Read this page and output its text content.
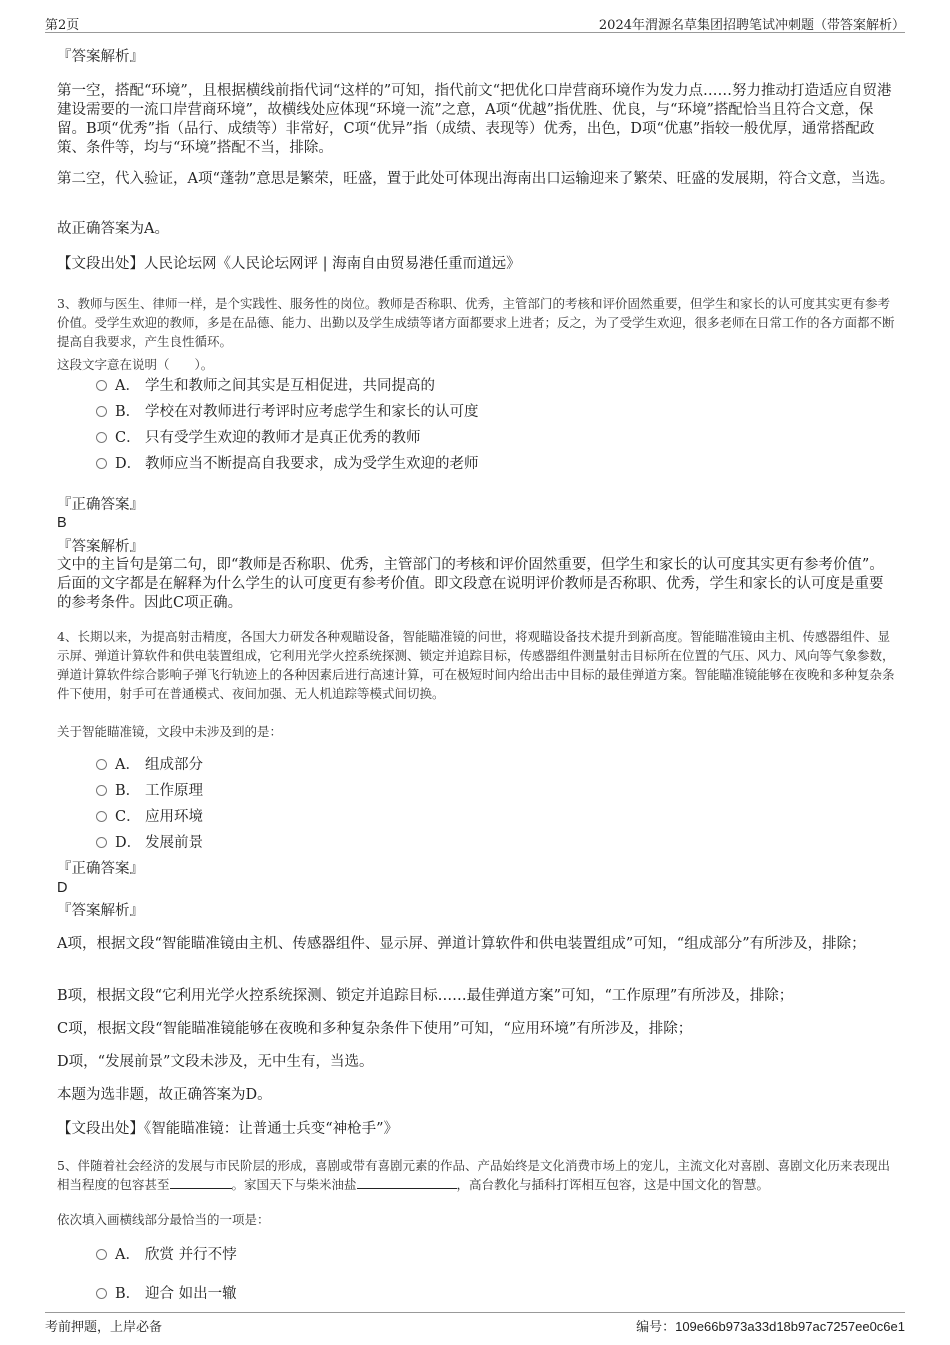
第2页	2024年渭源名草集团招聘笔试冲刺题（带答案解析）

『答案解析』

第一空，搭配“环境”，且根据横线前指代词“这样的”可知，指代前文“把优化口岸营商环境作为发力点……努力推动打造适应自贸港建设需要的一流口岸营商环境”，故横线处应体现“环境一流”之意，A项“优越”指优胜、优良，与“环境”搭配恰当且符合文意，保留。B项“优秀”指（品行、成绩等）非常好，C项“优异”指（成绩、表现等）优秀，出色，D项“优惠”指较一般优厚，通常搭配政策、条件等，均与“环境”搭配不当，排除。

第二空，代入验证，A项“蓬勃”意思是繁荣，旺盛，置于此处可体现出海南出口运输迎来了繁荣、旺盛的发展期，符合文意，当选。

故正确答案为A。

【文段出处】人民论坛网《人民论坛网评 | 海南自由贸易港任重而道远》

3、教师与医生、律师一样，是个实践性、服务性的岗位。教师是否称职、优秀，主管部门的考核和评价固然重要，但学生和家长的认可度其实更有参考价值。受学生欢迎的教师，多是在品德、能力、出勤以及学生成绩等诸方面都要求上进者；反之，为了受学生欢迎，很多老师在日常工作的各方面都不断提高自我要求，产生良性循环。

这段文字意在说明（　　）。

A． 学生和教师之间其实是互相促进，共同提高的
B． 学校在对教师进行考评时应考虑学生和家长的认可度
C． 只有受学生欢迎的教师才是真正优秀的教师
D． 教师应当不断提高自我要求，成为受学生欢迎的老师

『正确答案』

B

『答案解析』

文中的主旨句是第二句，即“教师是否称职、优秀，主管部门的考核和评价固然重要，但学生和家长的认可度其实更有参考价值”。后面的文字都是在解释为什么学生的认可度更有参考价值。即文段意在说明评价教师是否称职、优秀，学生和家长的认可度是重要的参考条件。因此C项正确。

4、长期以来，为提高射击精度，各国大力研发各种观瞄设备，智能瞄准镜的问世，将观瞄设备技术提升到新高度。智能瞄准镜由主机、传感器组件、显示屏、弹道计算软件和供电装置组成，它利用光学火控系统探测、锁定并追踪目标，传感器组件测量射击目标所在位置的气压、风力、风向等气象参数，弹道计算软件综合影响子弹飞行轨迹上的各种因素后进行高速计算，可在极短时间内给出击中目标的最佳弹道方案。智能瞄准镜能够在夜晚和多种复杂条件下使用，射手可在普通模式、夜间加强、无人机追踪等模式间切换。

关于智能瞄准镜，文段中未涉及到的是：

A． 组成部分
B． 工作原理
C． 应用环境
D． 发展前景

『正确答案』

D

『答案解析』

A项，根据文段“智能瞄准镜由主机、传感器组件、显示屏、弹道计算软件和供电装置组成”可知，“组成部分”有所涉及，排除；

B项，根据文段“它利用光学火控系统探测、锁定并追踪目标……最佳弹道方案”可知，“工作原理”有所涉及，排除；

C项，根据文段“智能瞄准镜能够在夜晚和多种复杂条件下使用”可知，“应用环境”有所涉及，排除；

D项，“发展前景”文段未涉及，无中生有，当选。

本题为选非题，故正确答案为D。

【文段出处】《智能瞄准镜：让普通士兵变“神枪手”》

5、伴随着社会经济的发展与市民阶层的形成，喜剧或带有喜剧元素的作品、产品始终是文化消费市场上的宠儿，主流文化对喜剧、喜剧文化历来表现出相当程度的包容甚至	。家国天下与柴米油盐	，高台教化与插科打诨相互包容，这是中国文化的智慧。

依次填入画横线部分最恰当的一项是：

A． 欣赏 并行不悖
B． 迎合 如出一辙
考前押题，上岸必备	编号：109e66b973a33d18b97ac7257ee0c6e1
